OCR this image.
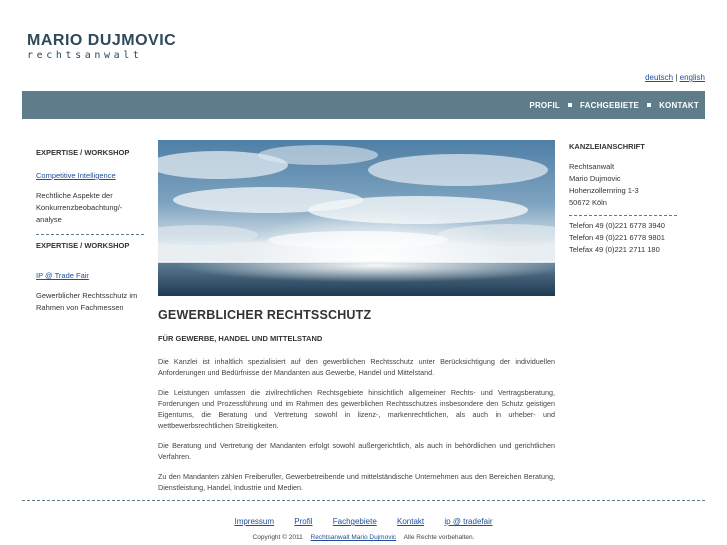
MARIO DUJMOVIC
rechtsanwalt
deutsch | english
PROFIL	FACHGEBIETE	KONTAKT
EXPERTISE / WORKSHOP
Competitive Intelligence
Rechtliche Aspekte der Konkurrenzbeobachtung/-analyse
EXPERTISE / WORKSHOP
IP @ Trade Fair
Gewerblicher Rechtsschutz im Rahmen von Fachmessen
GEWERBLICHER RECHTSSCHUTZ
FÜR GEWERBE, HANDEL UND MITTELSTAND

Die Kanzlei ist inhaltlich spezialisiert auf den gewerblichen Rechtsschutz unter Berücksichtigung der individuellen Anforderungen und Bedürfnisse der Mandanten aus Gewerbe, Handel und Mittelstand.

Die Leistungen umfassen die zivilrechtlichen Rechtsgebiete hinsichtlich allgemeiner Rechts- und Vertragsberatung, Forderungen und Prozessführung und im Rahmen des gewerblichen Rechtsschutzes insbesondere den Schutz geistigen Eigentums, die Beratung und Vertretung sowohl in lizenz-, markenrechtlichen, als auch in urheber- und wettbewerbsrechtlichen Streitigkeiten.

Die Beratung und Vertretung der Mandanten erfolgt sowohl außergerichtlich, als auch in behördlichen und gerichtlichen Verfahren.

Zu den Mandanten zählen Freiberufler, Gewerbetreibende und mittelständische Unternehmen aus den Bereichen Beratung, Dienstleistung, Handel, Industrie und Medien.

KANZLEIANSCHRIFT
Rechtsanwalt
Mario Dujmovic
Hohenzollernring 1-3
50672 Köln
Telefon 49 (0)221 6778 3940
Telefon 49 (0)221 6778 9801
Telefax 49 (0)221 2711 180
Impressum	Profil	Fachgebiete	Kontakt	ip @ tradefair
Copyright © 2011 Rechtsanwalt Mario Dujmovic Alle Rechte vorbehalten.
